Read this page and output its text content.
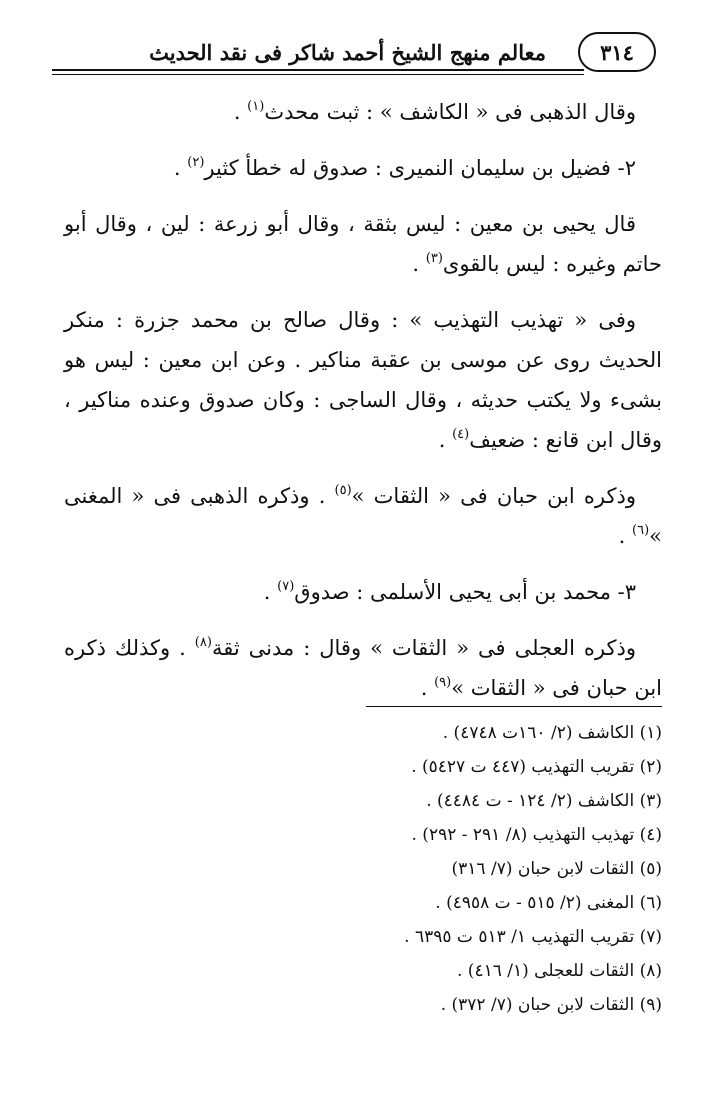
٣١٤
معالم منهج الشيخ أحمد شاكر فى نقد الحديث

وقال الذهبى فى « الكاشف » : ثبت محدث$^{(١)}$ .

٢- فضيل بن سليمان النميرى : صدوق له خطأ كثير$^{(٢)}$ .

قال يحيى بن معين : ليس بثقة ، وقال أبو زرعة : لين ، وقال أبو حاتم وغيره : ليس بالقوى$^{(٣)}$ .

وفى « تهذيب التهذيب » : وقال صالح بن محمد جزرة : منكر الحديث روى عن موسى بن عقبة مناكير . وعن ابن معين : ليس هو بشىء ولا يكتب حديثه ، وقال الساجى : وكان صدوق وعنده مناكير ، وقال ابن قانع : ضعيف$^{(٤)}$ .

وذكره ابن حبان فى « الثقات »$^{(٥)}$ . وذكره الذهبى فى « المغنى »$^{(٦)}$ .

٣- محمد بن أبى يحيى الأسلمى : صدوق$^{(٧)}$ .

وذكره العجلى فى « الثقات » وقال : مدنى ثقة$^{(٨)}$ . وكذلك ذكره ابن حبان فى « الثقات »$^{(٩)}$ .

(١) الكاشف (٢/ ١٦٠ت ٤٧٤٨) .

(٢) تقريب التهذيب (٤٤٧ ت ٥٤٢٧) .

(٣) الكاشف (٢/ ١٢٤ - ت ٤٤٨٤) .

(٤) تهذيب التهذيب (٨/ ٢٩١ - ٢٩٢) .

(٥) الثقات لابن حبان (٧/ ٣١٦)

(٦) المغنى (٢/ ٥١٥ - ت ٤٩٥٨) .

(٧) تقريب التهذيب ١/ ٥١٣ ت ٦٣٩٥ .

(٨) الثقات للعجلى (١/ ٤١٦) .

(٩) الثقات لابن حبان (٧/ ٣٧٢) .
